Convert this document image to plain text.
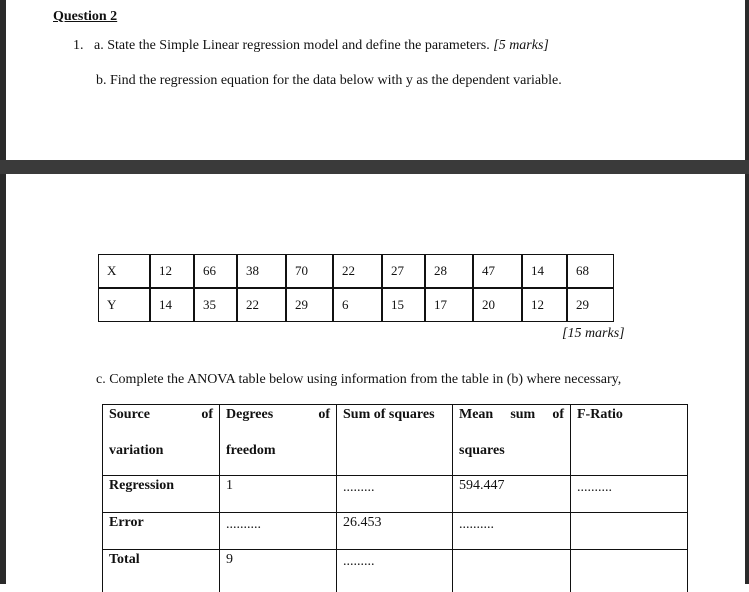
Question 2
1. a. State the Simple Linear regression model and define the parameters. [5 marks]
b. Find the regression equation for the data below with y as the dependent variable.
X	12	66	38	70	22	27	28	47	14	68
Y	14	35	22	29	6	15	17	20	12	29
[15 marks]
c. Complete the ANOVA table below using information from the table in (b) where necessary,
Source of	Degrees of	Sum of squares	Mean sum of	F-Ratio
variation	freedom		squares	
Regression	1	.........	594.447	..........
Error	..........	26.453	..........	
Total	9	.........		
